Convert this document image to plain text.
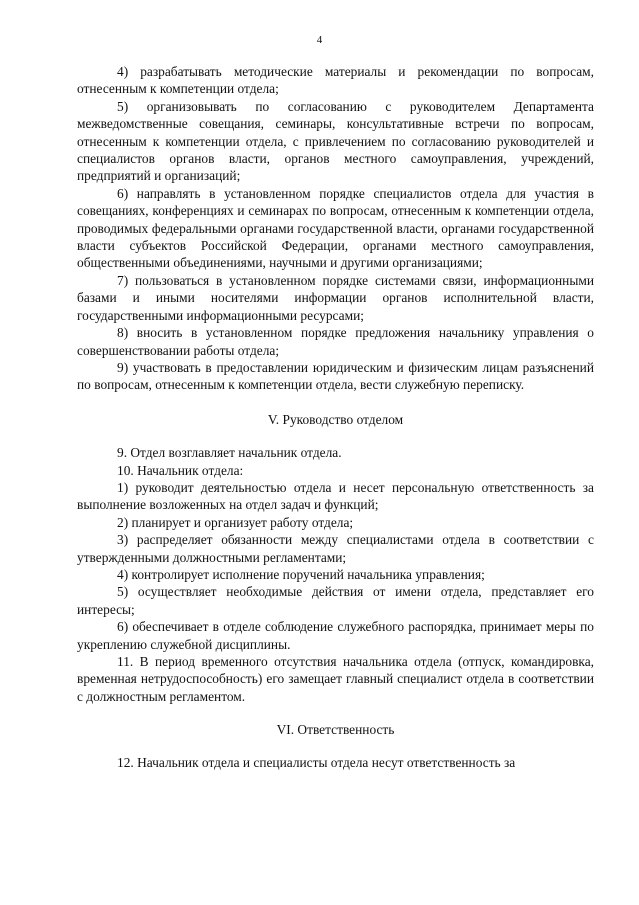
4

4) разрабатывать методические материалы и рекомендации по вопросам, отнесенным к компетенции отдела;

5) организовывать по согласованию с руководителем Департамента межведомственные совещания, семинары, консультативные встречи по вопросам, отнесенным к компетенции отдела, с привлечением по согласованию руководителей и специалистов органов власти, органов местного самоуправления, учреждений, предприятий и организаций;

6) направлять в установленном порядке специалистов отдела для участия в совещаниях, конференциях и семинарах по вопросам, отнесенным к компетенции отдела, проводимых федеральными органами государственной власти, органами государственной власти субъектов Российской Федерации, органами местного самоуправления, общественными объединениями, научными и другими организациями;

7) пользоваться в установленном порядке системами связи, информационными базами и иными носителями информации органов исполнительной власти, государственными информационными ресурсами;

8) вносить в установленном порядке предложения начальнику управления о совершенствовании работы отдела;

9) участвовать в предоставлении юридическим и физическим лицам разъяснений по вопросам, отнесенным к компетенции отдела, вести служебную переписку.

V. Руководство отделом

9. Отдел возглавляет начальник отдела.

10. Начальник отдела:

1) руководит деятельностью отдела и несет персональную ответственность за выполнение возложенных на отдел задач и функций;

2) планирует и организует работу отдела;

3) распределяет обязанности между специалистами отдела в соответствии с утвержденными должностными регламентами;

4) контролирует исполнение поручений начальника управления;

5) осуществляет необходимые действия от имени отдела, представляет его интересы;

6) обеспечивает в отделе соблюдение служебного распорядка, принимает меры по укреплению служебной дисциплины.

11. В период временного отсутствия начальника отдела (отпуск, командировка, временная нетрудоспособность) его замещает главный специалист отдела в соответствии с должностным регламентом.

VI. Ответственность

12. Начальник отдела и специалисты отдела несут ответственность за
